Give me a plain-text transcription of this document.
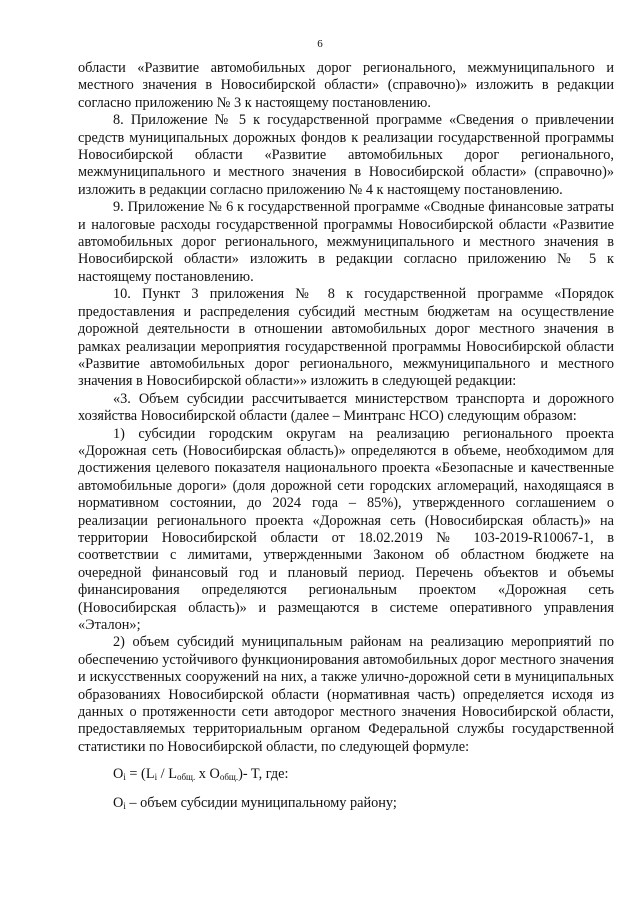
6

области «Развитие автомобильных дорог регионального, межмуниципального и местного значения в Новосибирской области» (справочно)» изложить в редакции согласно приложению № 3 к настоящему постановлению.

8. Приложение № 5 к государственной программе «Сведения о привлечении средств муниципальных дорожных фондов к реализации государственной программы Новосибирской области «Развитие автомобильных дорог регионального, межмуниципального и местного значения в Новосибирской области» (справочно)» изложить в редакции согласно приложению № 4 к настоящему постановлению.

9. Приложение № 6 к государственной программе «Сводные финансовые затраты и налоговые расходы государственной программы Новосибирской области «Развитие автомобильных дорог регионального, межмуниципального и местного значения в Новосибирской области» изложить в редакции согласно приложению № 5 к настоящему постановлению.

10. Пункт 3 приложения № 8 к государственной программе «Порядок предоставления и распределения субсидий местным бюджетам на осуществление дорожной деятельности в отношении автомобильных дорог местного значения в рамках реализации мероприятия государственной программы Новосибирской области «Развитие автомобильных дорог регионального, межмуниципального и местного значения в Новосибирской области»» изложить в следующей редакции:

«3. Объем субсидии рассчитывается министерством транспорта и дорожного хозяйства Новосибирской области (далее – Минтранс НСО) следующим образом:

1) субсидии городским округам на реализацию регионального проекта «Дорожная сеть (Новосибирская область)» определяются в объеме, необходимом для достижения целевого показателя национального проекта «Безопасные и качественные автомобильные дороги» (доля дорожной сети городских агломераций, находящаяся в нормативном состоянии, до 2024 года – 85%), утвержденного соглашением о реализации регионального проекта «Дорожная сеть (Новосибирская область)» на территории Новосибирской области от 18.02.2019 № 103-2019-R10067-1, в соответствии с лимитами, утвержденными Законом об областном бюджете на очередной финансовый год и плановый период. Перечень объектов и объемы финансирования определяются региональным проектом «Дорожная сеть (Новосибирская область)» и размещаются в системе оперативного управления «Эталон»;

2) объем субсидий муниципальным районам на реализацию мероприятий по обеспечению устойчивого функционирования автомобильных дорог местного значения и искусственных сооружений на них, а также улично-дорожной сети в муниципальных образованиях Новосибирской области (нормативная часть) определяется исходя из данных о протяженности сети автодорог местного значения Новосибирской области, предоставляемых территориальным органом Федеральной службы государственной статистики по Новосибирской области, по следующей формуле:

$O_i = (L_i / L_{общ.}$ x $O_{общ.})-$ T, где:

$O_i$ – объем субсидии муниципальному району;
